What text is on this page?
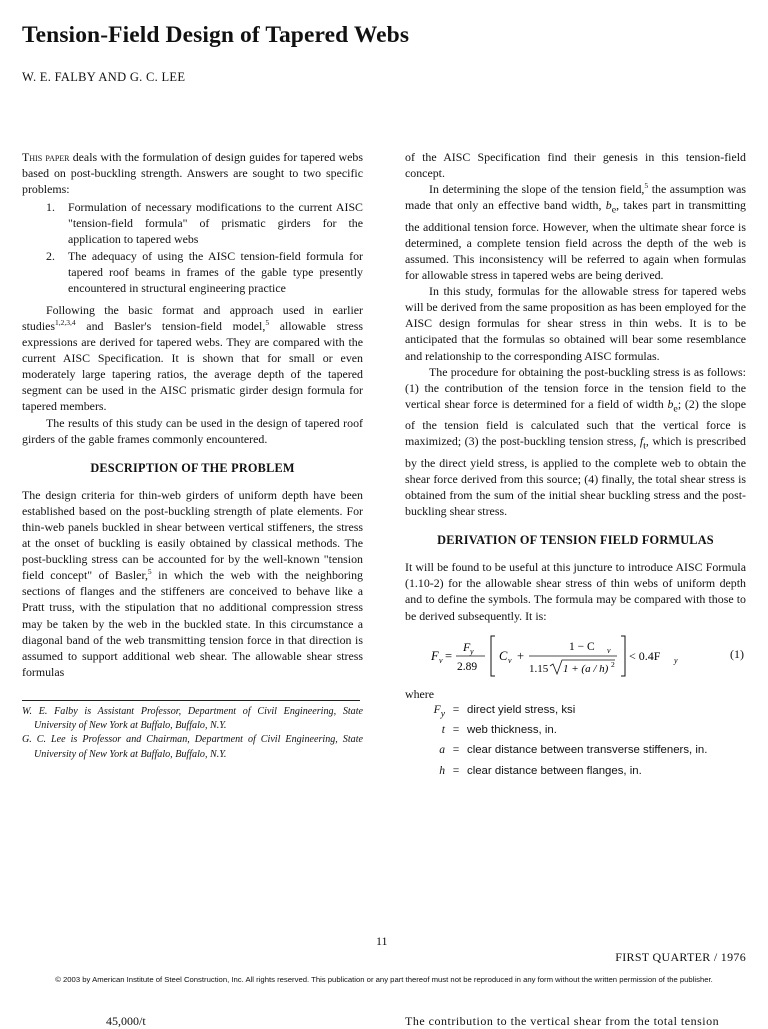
Tension-Field Design of Tapered Webs
W. E. FALBY AND G. C. LEE

This paper deals with the formulation of design guides for tapered webs based on post-buckling strength. Answers are sought to two specific problems:

1. Formulation of necessary modifications to the current AISC "tension-field formula" of prismatic girders for the application to tapered webs
2. The adequacy of using the AISC tension-field formula for tapered roof beams in frames of the gable type presently encountered in structural engineering practice

Following the basic format and approach used in earlier studies$^{1,2,3,4}$ and Basler's tension-field model,$^5$ allowable stress expressions are derived for tapered webs. They are compared with the current AISC Specification. It is shown that for small or even moderately large tapering ratios, the average depth of the tapered segment can be used in the AISC prismatic girder design formula for tapered members.

The results of this study can be used in the design of tapered roof girders of the gable frames commonly encountered.

DESCRIPTION OF THE PROBLEM

The design criteria for thin-web girders of uniform depth have been established based on the post-buckling strength of plate elements. For thin-web panels buckled in shear between vertical stiffeners, the stress at the onset of buckling is easily obtained by classical methods. The post-buckling stress can be accounted for by the well-known "tension field concept" of Basler,$^5$ in which the web with the neighboring sections of flanges and the stiffeners are conceived to behave like a Pratt truss, with the stipulation that no additional compression stress may be taken by the web in the buckled state. In this circumstance a diagonal band of the web transmitting tension force in that direction is assumed to support additional web shear. The allowable shear stress formulas

W. E. Falby is Assistant Professor, Department of Civil Engineering, State University of New York at Buffalo, Buffalo, N.Y.

G. C. Lee is Professor and Chairman, Department of Civil Engineering, State University of New York at Buffalo, Buffalo, N.Y.

of the AISC Specification find their genesis in this tension-field concept.

In determining the slope of the tension field,$^5$ the assumption was made that only an effective band width, $b_e$, takes part in transmitting the additional tension force. However, when the ultimate shear force is determined, a complete tension field across the depth of the web is assumed. This inconsistency will be referred to again when formulas for allowable stress in tapered webs are being derived.

In this study, formulas for the allowable stress for tapered webs will be derived from the same proposition as has been employed for the AISC design formulas for shear stress in thin webs. It is to be anticipated that the formulas so obtained will bear some resemblance and relationship to the corresponding AISC formulas.

The procedure for obtaining the post-buckling stress is as follows: (1) the contribution of the tension force in the tension field to the vertical shear force is determined for a field of width $b_e$; (2) the slope of the tension field is calculated such that the vertical force is maximized; (3) the post-buckling tension stress, $f_t$, which is prescribed by the direct yield stress, is applied to the complete web to obtain the shear force derived from this source; (4) finally, the total shear stress is obtained from the sum of the initial shear buckling stress and the post-buckling shear stress.

DERIVATION OF TENSION FIELD FORMULAS

It will be found to be useful at this juncture to introduce AISC Formula (1.10-2) for the allowable shear stress of thin webs of uniform depth and to define the symbols. The formula may be compared with those to be derived subsequently. It is:

F v =
F y
2.89
C v +
1 − C v
1.15 1 + (a / h) 2
< 0.4F y	(1)

where

$F_y$ = direct yield stress, ksi
t = web thickness, in.
a = clear distance between transverse stiffeners, in.
h = clear distance between flanges, in.
11
FIRST QUARTER / 1976
© 2003 by American Institute of Steel Construction, Inc. All rights reserved. This publication or any part thereof must not be reproduced in any form without the written permission of the publisher.
45,000/t	The contribution to the vertical shear from the total tension
